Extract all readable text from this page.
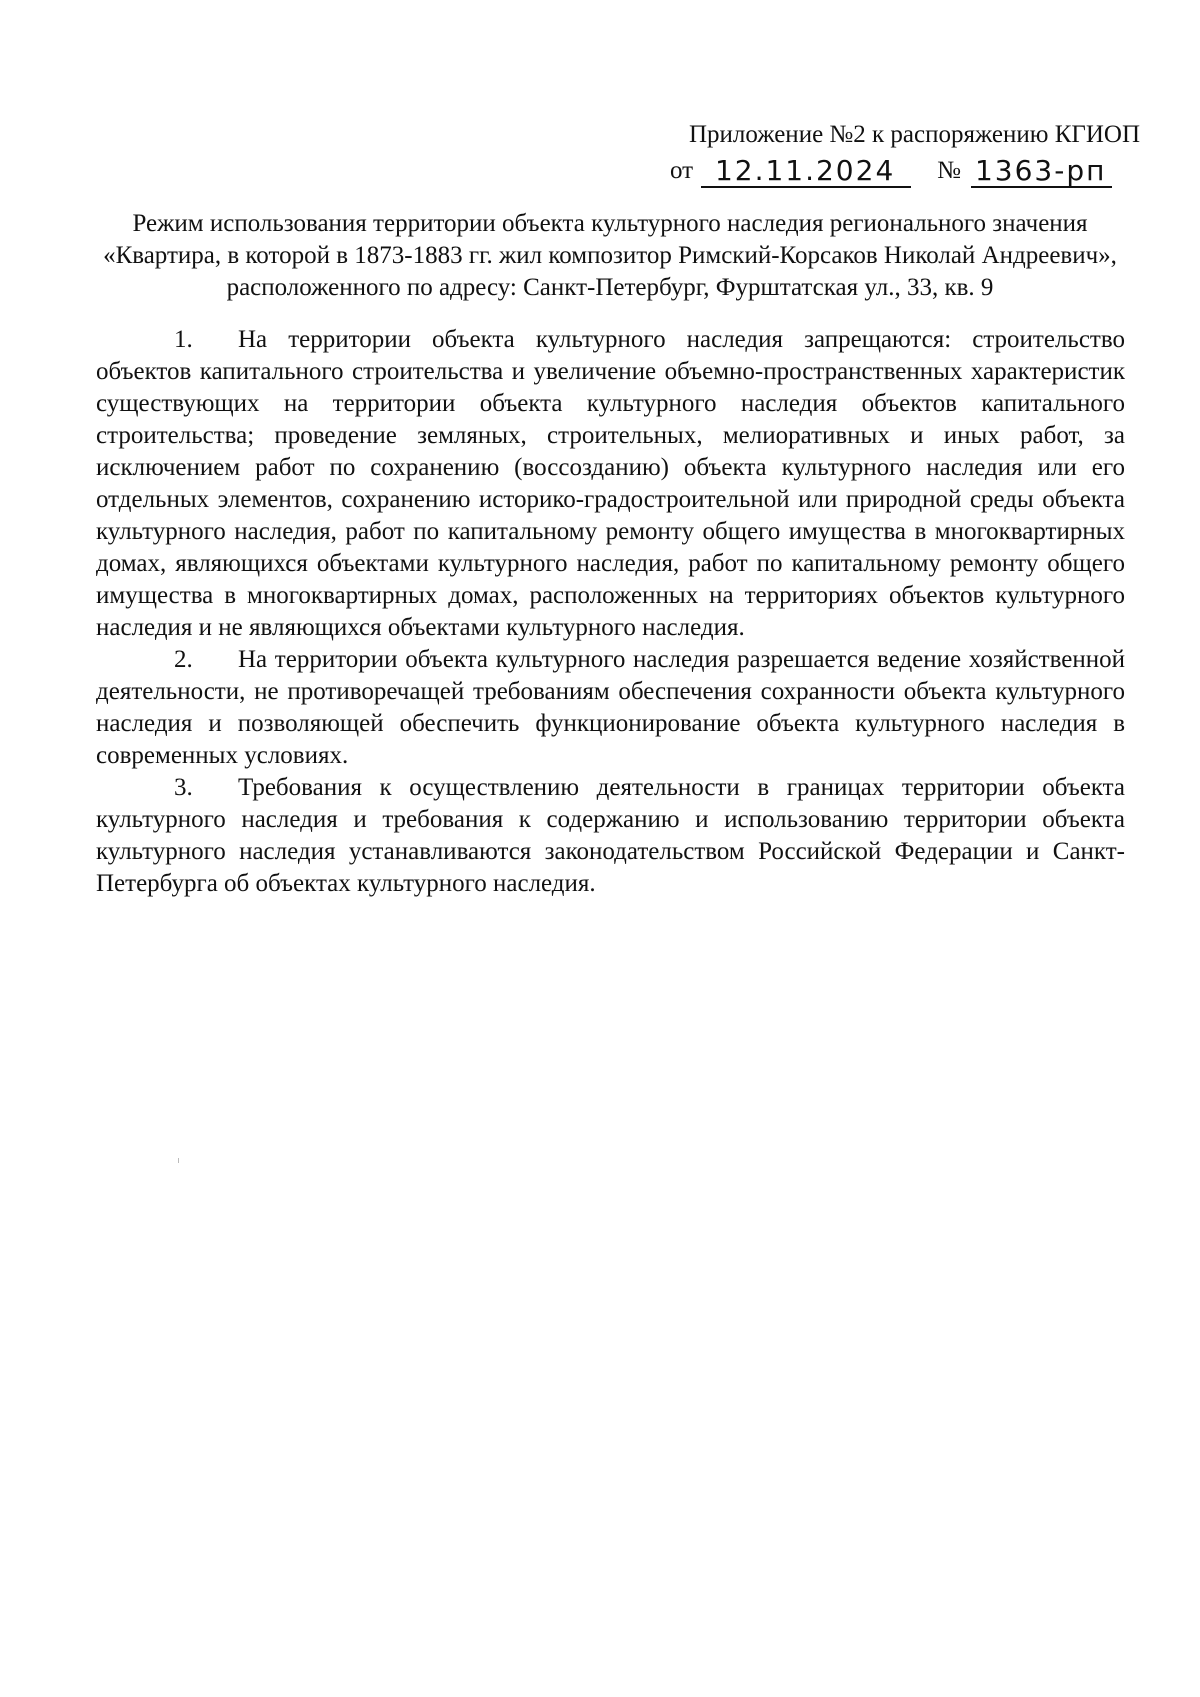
Приложение №2 к распоряжению КГИОП
от 12.11.2024	№ 1363-рп
Режим использования территории объекта культурного наследия регионального значения
«Квартира, в которой в 1873-1883 гг. жил композитор Римский-Корсаков Николай Андреевич»,
расположенного по адресу: Санкт-Петербург, Фурштатская ул., 33, кв. 9

1. На территории объекта культурного наследия запрещаются: строительство объектов капитального строительства и увеличение объемно-пространственных характеристик существующих на территории объекта культурного наследия объектов капитального строительства; проведение земляных, строительных, мелиоративных и иных работ, за исключением работ по сохранению (воссозданию) объекта культурного наследия или его отдельных элементов, сохранению историко-градостроительной или природной среды объекта культурного наследия, работ по капитальному ремонту общего имущества в многоквартирных домах, являющихся объектами культурного наследия, работ по капитальному ремонту общего имущества в многоквартирных домах, расположенных на территориях объектов культурного наследия и не являющихся объектами культурного наследия.

2. На территории объекта культурного наследия разрешается ведение хозяйственной деятельности, не противоречащей требованиям обеспечения сохранности объекта культурного наследия и позволяющей обеспечить функционирование объекта культурного наследия в современных условиях.

3. Требования к осуществлению деятельности в границах территории объекта культурного наследия и требования к содержанию и использованию территории объекта культурного наследия устанавливаются законодательством Российской Федерации и Санкт-Петербурга об объектах культурного наследия.
